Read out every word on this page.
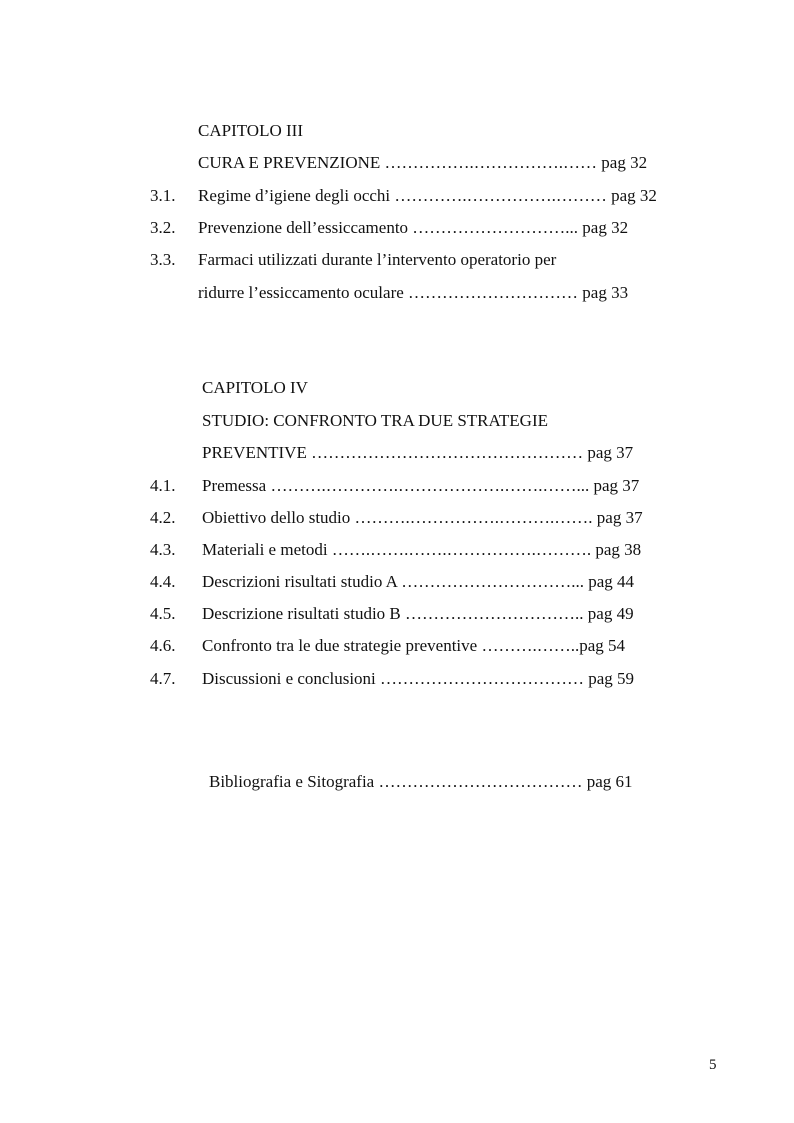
CAPITOLO III
CURA E PREVENZIONE …………….…………….…… pag 32
3.1. Regime d’igiene degli occhi ………….…………….……… pag 32
3.2. Prevenzione dell’essiccamento ………………………... pag 32
3.3. Farmaci utilizzati durante l’intervento operatorio per
ridurre l’essiccamento oculare ………………………… pag 33
CAPITOLO IV
STUDIO: CONFRONTO TRA DUE STRATEGIE
PREVENTIVE ………………………………………… pag 37
4.1. Premessa ……….………….……………….…….……... pag 37
4.2. Obiettivo dello studio ……….…………….……….……. pag 37
4.3. Materiali e metodi …….…….…….…………….………. pag 38
4.4. Descrizioni risultati studio A …………………………... pag 44
4.5. Descrizione risultati studio B ………………………….. pag 49
4.6. Confronto tra le due strategie preventive ……….……..pag 54
4.7. Discussioni e conclusioni ……………………………… pag 59
Bibliografia e Sitografia ……………………………… pag 61
5
